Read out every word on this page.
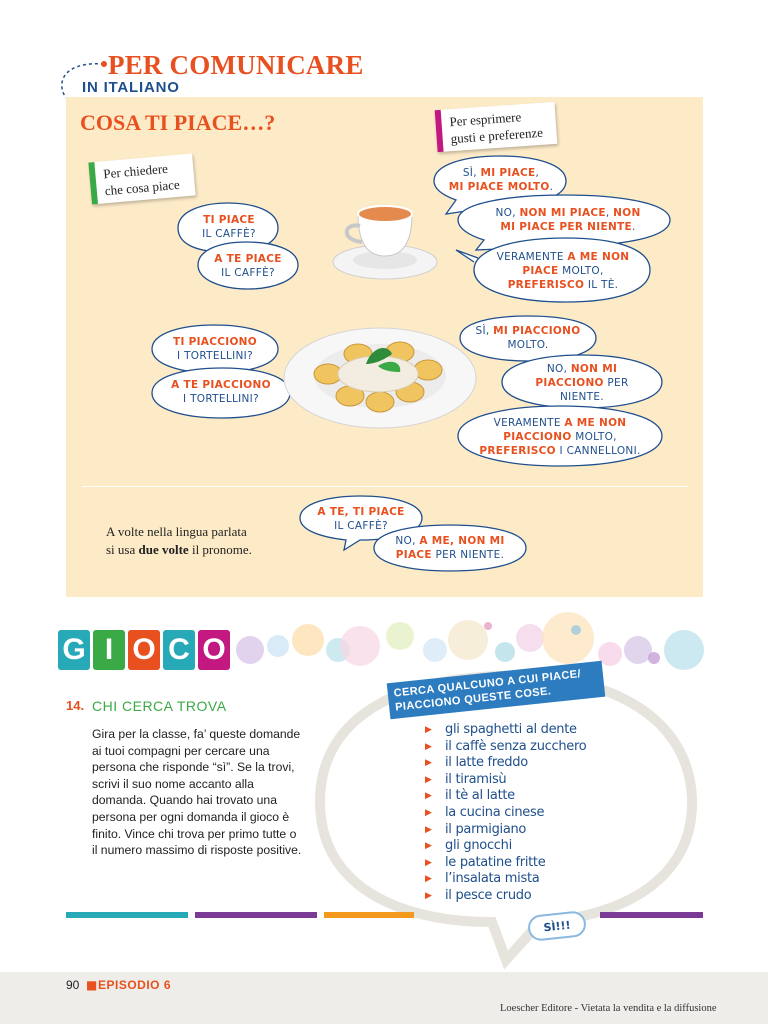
PER COMUNICARE
IN ITALIANO
COSA TI PIACE…?
Per chiedere che cosa piace
Per esprimere gusti e preferenze
TI PIACE
IL CAFFÈ?
A TE PIACE
IL CAFFÈ?
SÌ, MI PIACE,
MI PIACE MOLTO.
NO, NON MI PIACE, NON MI PIACE PER NIENTE.
VERAMENTE A ME NON PIACE MOLTO, PREFERISCO IL TÈ.
TI PIACCIONO
I TORTELLINI?
A TE PIACCIONO
I TORTELLINI?
SÌ, MI PIACCIONO MOLTO.
NO, NON MI PIACCIONO PER NIENTE.
VERAMENTE A ME NON PIACCIONO MOLTO, PREFERISCO I CANNELLONI.
A TE, TI PIACE
IL CAFFÈ?
NO, A ME, NON MI PIACE PER NIENTE.
A volte nella lingua parlata
si usa due volte il pronome.
G I O C O
14. CHI CERCA TROVA
Gira per la classe, fa’ queste domande ai tuoi compagni per cercare una persona che risponde “sì”. Se la trovi, scrivi il suo nome accanto alla domanda. Quando hai trovato una persona per ogni domanda il gioco è finito. Vince chi trova per primo tutte o il numero massimo di risposte positive.
CERCA QUALCUNO A CUI PIACE/ PIACCIONO QUESTE COSE.
▶	gli spaghetti al dente
▶	il caffè senza zucchero
▶	il latte freddo
▶	il tiramisù
▶	il tè al latte
▶	la cucina cinese
▶	il parmigiano
▶	gli gnocchi
▶	le patatine fritte
▶	l’insalata mista
▶	il pesce crudo
SÌ!!!
90 ■ EPISODIO 6
Loescher Editore - Vietata la vendita e la diffusione
